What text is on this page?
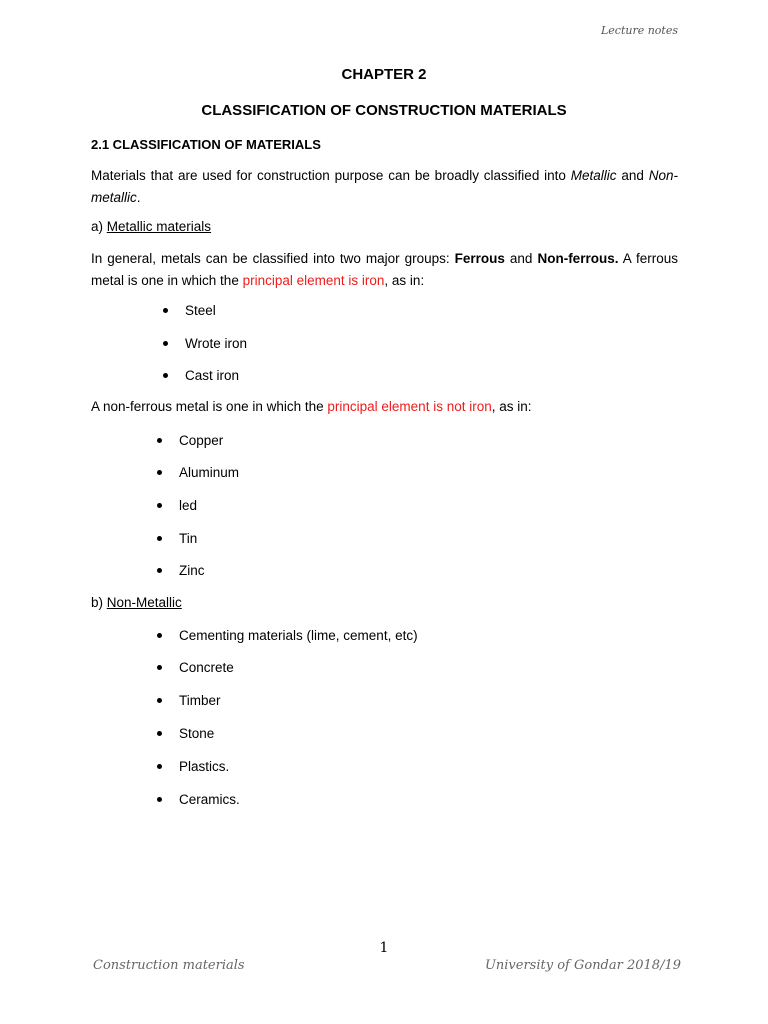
Lecture notes
CHAPTER 2
CLASSIFICATION OF CONSTRUCTION MATERIALS
2.1 CLASSIFICATION OF MATERIALS
Materials that are used for construction purpose can be broadly classified into Metallic and Non-metallic.
a) Metallic materials
In general, metals can be classified into two major groups: Ferrous and Non-ferrous. A ferrous metal is one in which the principal element is iron, as in:
Steel
Wrote iron
Cast iron
A non-ferrous metal is one in which the principal element is not iron, as in:
Copper
Aluminum
led
Tin
Zinc
b) Non-Metallic
Cementing materials (lime, cement, etc)
Concrete
Timber
Stone
Plastics.
Ceramics.
1
Construction materials	University of Gondar 2018/19
